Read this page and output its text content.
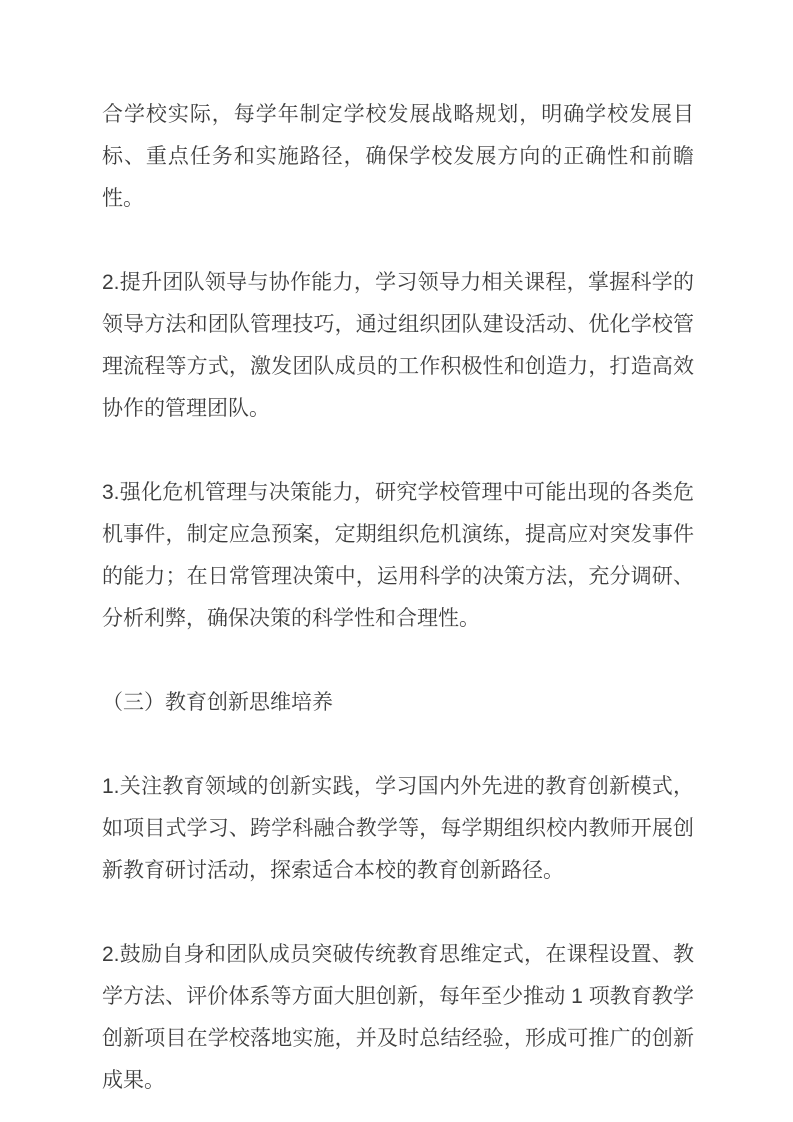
合学校实际，每学年制定学校发展战略规划，明确学校发展目标、重点任务和实施路径，确保学校发展方向的正确性和前瞻性。

2.提升团队领导与协作能力，学习领导力相关课程，掌握科学的领导方法和团队管理技巧，通过组织团队建设活动、优化学校管理流程等方式，激发团队成员的工作积极性和创造力，打造高效协作的管理团队。

3.强化危机管理与决策能力，研究学校管理中可能出现的各类危机事件，制定应急预案，定期组织危机演练，提高应对突发事件的能力；在日常管理决策中，运用科学的决策方法，充分调研、分析利弊，确保决策的科学性和合理性。

（三）教育创新思维培养

1.关注教育领域的创新实践，学习国内外先进的教育创新模式，如项目式学习、跨学科融合教学等，每学期组织校内教师开展创新教育研讨活动，探索适合本校的教育创新路径。

2.鼓励自身和团队成员突破传统教育思维定式，在课程设置、教学方法、评价体系等方面大胆创新，每年至少推动 1 项教育教学创新项目在学校落地实施，并及时总结经验，形成可推广的创新成果。
